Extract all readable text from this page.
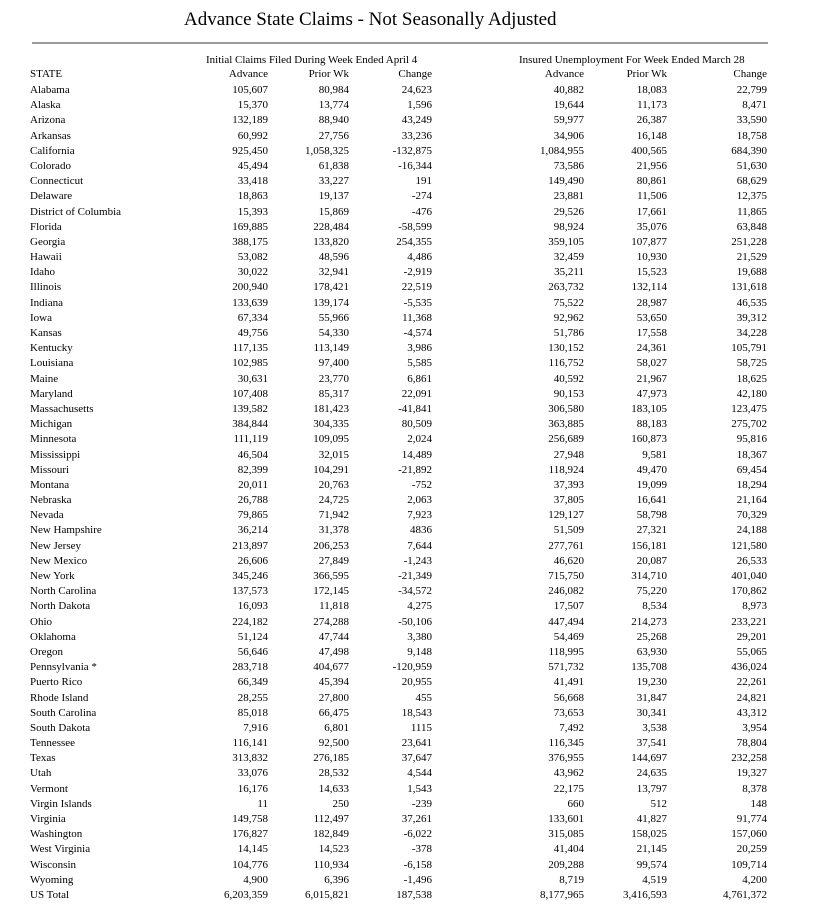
Advance State Claims - Not Seasonally Adjusted
Initial Claims Filed During Week Ended April 4	Insured Unemployment For Week Ended March 28
STATE	Advance	Prior Wk	Change	Advance	Prior Wk	Change
Alabama	105,607	80,984	24,623	40,882	18,083	22,799
Alaska	15,370	13,774	1,596	19,644	11,173	8,471
Arizona	132,189	88,940	43,249	59,977	26,387	33,590
Arkansas	60,992	27,756	33,236	34,906	16,148	18,758
California	925,450	1,058,325	-132,875	1,084,955	400,565	684,390
Colorado	45,494	61,838	-16,344	73,586	21,956	51,630
Connecticut	33,418	33,227	191	149,490	80,861	68,629
Delaware	18,863	19,137	-274	23,881	11,506	12,375
District of Columbia	15,393	15,869	-476	29,526	17,661	11,865
Florida	169,885	228,484	-58,599	98,924	35,076	63,848
Georgia	388,175	133,820	254,355	359,105	107,877	251,228
Hawaii	53,082	48,596	4,486	32,459	10,930	21,529
Idaho	30,022	32,941	-2,919	35,211	15,523	19,688
Illinois	200,940	178,421	22,519	263,732	132,114	131,618
Indiana	133,639	139,174	-5,535	75,522	28,987	46,535
Iowa	67,334	55,966	11,368	92,962	53,650	39,312
Kansas	49,756	54,330	-4,574	51,786	17,558	34,228
Kentucky	117,135	113,149	3,986	130,152	24,361	105,791
Louisiana	102,985	97,400	5,585	116,752	58,027	58,725
Maine	30,631	23,770	6,861	40,592	21,967	18,625
Maryland	107,408	85,317	22,091	90,153	47,973	42,180
Massachusetts	139,582	181,423	-41,841	306,580	183,105	123,475
Michigan	384,844	304,335	80,509	363,885	88,183	275,702
Minnesota	111,119	109,095	2,024	256,689	160,873	95,816
Mississippi	46,504	32,015	14,489	27,948	9,581	18,367
Missouri	82,399	104,291	-21,892	118,924	49,470	69,454
Montana	20,011	20,763	-752	37,393	19,099	18,294
Nebraska	26,788	24,725	2,063	37,805	16,641	21,164
Nevada	79,865	71,942	7,923	129,127	58,798	70,329
New Hampshire	36,214	31,378	4836	51,509	27,321	24,188
New Jersey	213,897	206,253	7,644	277,761	156,181	121,580
New Mexico	26,606	27,849	-1,243	46,620	20,087	26,533
New York	345,246	366,595	-21,349	715,750	314,710	401,040
North Carolina	137,573	172,145	-34,572	246,082	75,220	170,862
North Dakota	16,093	11,818	4,275	17,507	8,534	8,973
Ohio	224,182	274,288	-50,106	447,494	214,273	233,221
Oklahoma	51,124	47,744	3,380	54,469	25,268	29,201
Oregon	56,646	47,498	9,148	118,995	63,930	55,065
Pennsylvania *	283,718	404,677	-120,959	571,732	135,708	436,024
Puerto Rico	66,349	45,394	20,955	41,491	19,230	22,261
Rhode Island	28,255	27,800	455	56,668	31,847	24,821
South Carolina	85,018	66,475	18,543	73,653	30,341	43,312
South Dakota	7,916	6,801	1115	7,492	3,538	3,954
Tennessee	116,141	92,500	23,641	116,345	37,541	78,804
Texas	313,832	276,185	37,647	376,955	144,697	232,258
Utah	33,076	28,532	4,544	43,962	24,635	19,327
Vermont	16,176	14,633	1,543	22,175	13,797	8,378
Virgin Islands	11	250	-239	660	512	148
Virginia	149,758	112,497	37,261	133,601	41,827	91,774
Washington	176,827	182,849	-6,022	315,085	158,025	157,060
West Virginia	14,145	14,523	-378	41,404	21,145	20,259
Wisconsin	104,776	110,934	-6,158	209,288	99,574	109,714
Wyoming	4,900	6,396	-1,496	8,719	4,519	4,200
US Total	6,203,359	6,015,821	187,538	8,177,965	3,416,593	4,761,372
